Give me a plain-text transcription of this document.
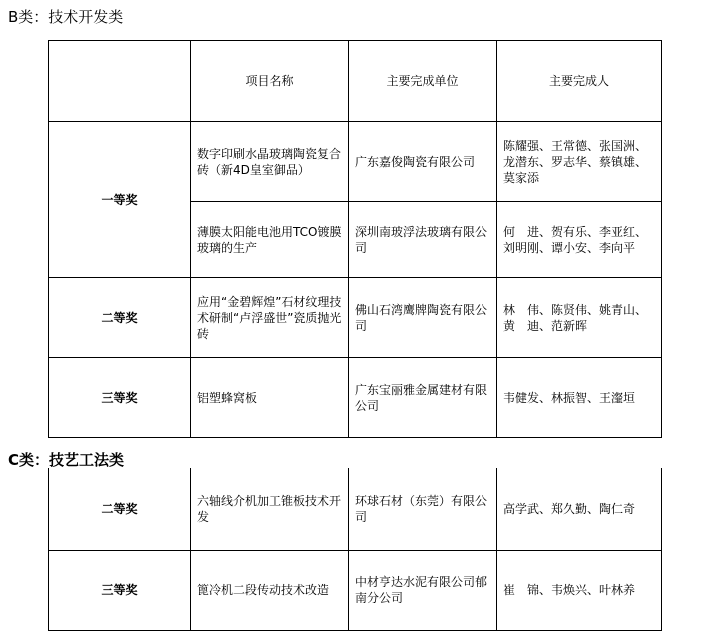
B类：技术开发类
	项目名称	主要完成单位	主要完成人
一等奖	数字印刷水晶玻璃陶瓷复合砖（新4D皇室御品）	广东嘉俊陶瓷有限公司	陈耀强、王常德、张国洲、龙潜东、罗志华、蔡镇雄、莫家添
	薄膜太阳能电池用TCO镀膜玻璃的生产	深圳南玻浮法玻璃有限公司	何　进、贺有乐、李亚红、刘明刚、谭小安、李向平
二等奖	应用“金碧辉煌”石材纹理技术研制“卢浮盛世”瓷质抛光砖	佛山石湾鹰牌陶瓷有限公司	林　伟、陈贤伟、姚青山、黄　迪、范新晖
三等奖	铝塑蜂窝板	广东宝丽雅金属建材有限公司	韦健发、林振智、王瀣垣
C类：技艺工法类
二等奖	六轴线介机加工锥板技术开发	环球石材（东莞）有限公司	高学武、郑久勤、陶仁奇
三等奖	篦冷机二段传动技术改造	中材亨达水泥有限公司郁南分公司	崔　锦、韦焕兴、叶林养
